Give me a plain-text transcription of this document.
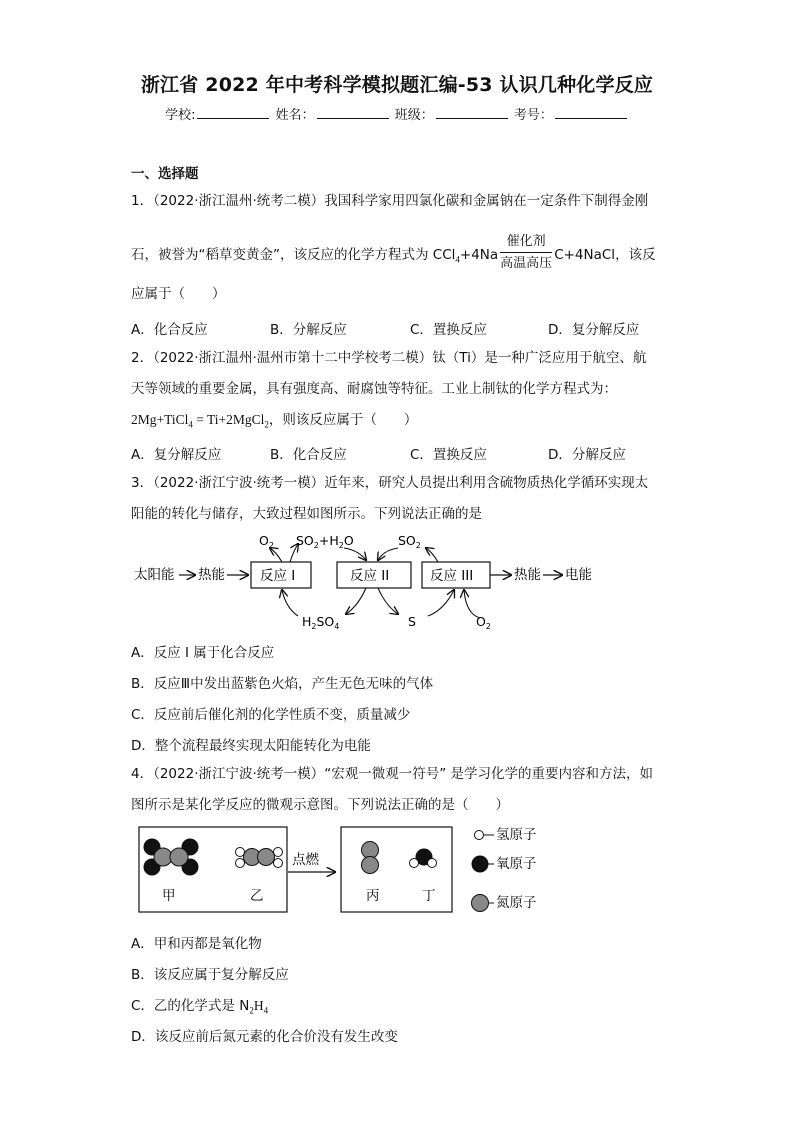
浙江省 2022 年中考科学模拟题汇编-53 认识几种化学反应
学校:	姓名：	班级：	考号：
一、选择题
1．（2022·浙江温州·统考二模）我国科学家用四氯化碳和金属钠在一定条件下制得金刚
石，被誉为“稻草变黄金”，该反应的化学方程式为 CCl$_4$+4Na
催化剂
高温高压
C+4NaCl，该反
应属于（　　）
A．化合反应	B．分解反应	C．置换反应	D．复分解反应
2．（2022·浙江温州·温州市第十二中学校考二模）钛（Ti）是一种广泛应用于航空、航
天等领域的重要金属，具有强度高、耐腐蚀等特征。工业上制钛的化学方程式为：
2Mg+TiCl$_4$ = Ti+2MgCl$_2$，则该反应属于（　　）
A．复分解反应	B．化合反应	C．置换反应	D．分解反应
3．（2022·浙江宁波·统考一模）近年来，研究人员提出利用含硫物质热化学循环实现太
阳能的转化与储存，大致过程如图所示。下列说法正确的是
太阳能 热能	反应 I	反应 II	反应 III	热能 电能
$O_2$ $SO_2+H_2O$	$SO_2$
$H_2SO_4$	S	$O_2$
A．反应 I 属于化合反应
B．反应Ⅲ中发出蓝紫色火焰，产生无色无味的气体
C．反应前后催化剂的化学性质不变，质量减少
D．整个流程最终实现太阳能转化为电能
4．（2022·浙江宁波·统考一模）“宏观一微观一符号” 是学习化学的重要内容和方法，如
图所示是某化学反应的微观示意图。下列说法正确的是（　　）
甲	乙
点燃
丙	丁
氢原子
氧原子
氮原子
A．甲和丙都是氧化物
B．该反应属于复分解反应
C．乙的化学式是 $N_2H_4$
D．该反应前后氮元素的化合价没有发生改变
